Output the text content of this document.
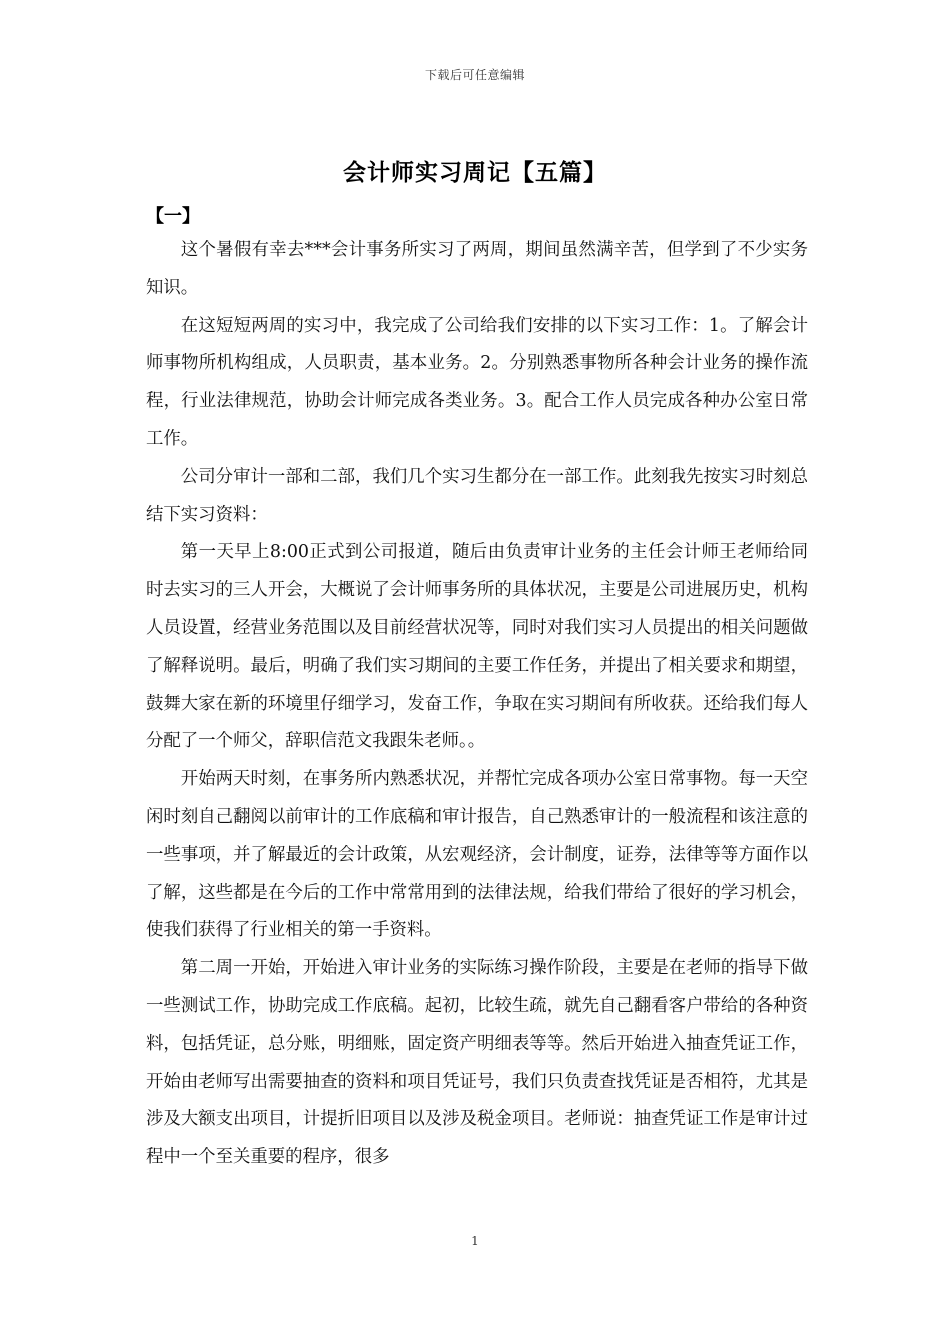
下载后可任意编辑
会计师实习周记【五篇】
【一】

这个暑假有幸去***会计事务所实习了两周，期间虽然满辛苦，但学到了不少实务知识。

在这短短两周的实习中，我完成了公司给我们安排的以下实习工作：1。了解会计师事物所机构组成，人员职责，基本业务。2。分别熟悉事物所各种会计业务的操作流程，行业法律规范，协助会计师完成各类业务。3。配合工作人员完成各种办公室日常工作。

公司分审计一部和二部，我们几个实习生都分在一部工作。此刻我先按实习时刻总结下实习资料：

第一天早上8:00正式到公司报道，随后由负责审计业务的主任会计师王老师给同时去实习的三人开会，大概说了会计师事务所的具体状况，主要是公司进展历史，机构人员设置，经营业务范围以及目前经营状况等，同时对我们实习人员提出的相关问题做了解释说明。最后，明确了我们实习期间的主要工作任务，并提出了相关要求和期望，鼓舞大家在新的环境里仔细学习，发奋工作，争取在实习期间有所收获。还给我们每人分配了一个师父，辞职信范文我跟朱老师。。

开始两天时刻，在事务所内熟悉状况，并帮忙完成各项办公室日常事物。每一天空闲时刻自己翻阅以前审计的工作底稿和审计报告，自己熟悉审计的一般流程和该注意的一些事项，并了解最近的会计政策，从宏观经济，会计制度，证券，法律等等方面作以了解，这些都是在今后的工作中常常用到的法律法规，给我们带给了很好的学习机会，使我们获得了行业相关的第一手资料。

第二周一开始，开始进入审计业务的实际练习操作阶段，主要是在老师的指导下做一些测试工作，协助完成工作底稿。起初，比较生疏，就先自己翻看客户带给的各种资料，包括凭证，总分账，明细账，固定资产明细表等等。然后开始进入抽查凭证工作，开始由老师写出需要抽查的资料和项目凭证号，我们只负责查找凭证是否相符，尤其是涉及大额支出项目，计提折旧项目以及涉及税金项目。老师说：抽查凭证工作是审计过程中一个至关重要的程序，很多

1
